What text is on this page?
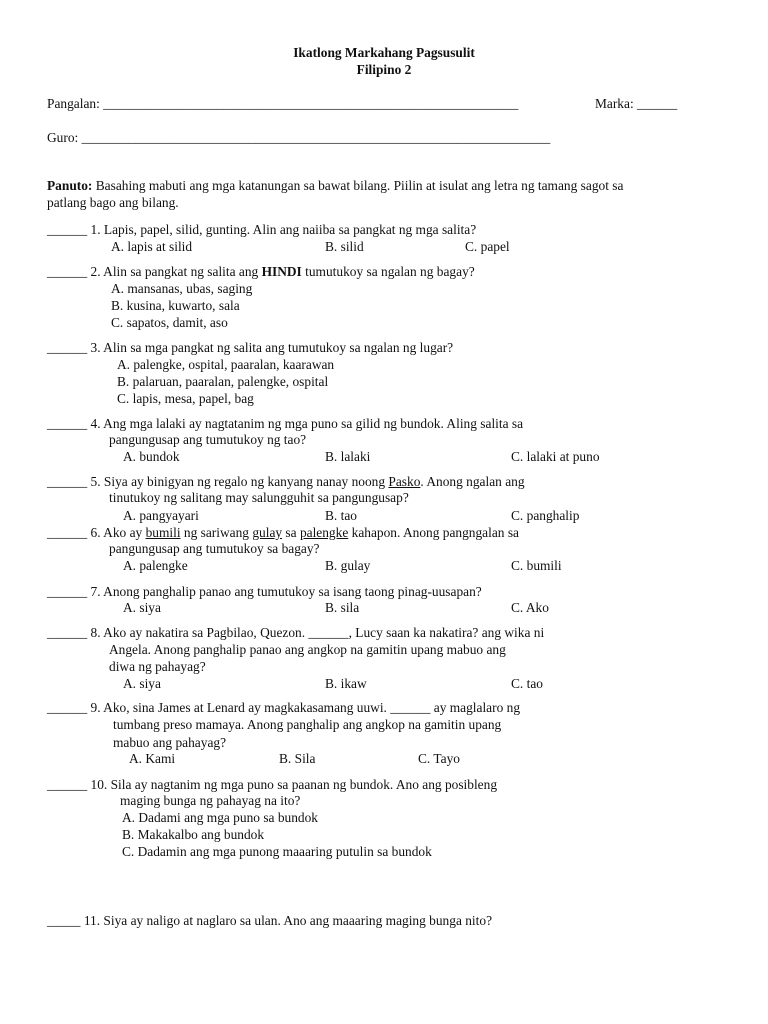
Ikatlong Markahang Pagsusulit
Filipino 2
Pangalan: ______________________________________________________________	Marka: ______
Guro: ______________________________________________________________________
Panuto: Basahing mabuti ang mga katanungan sa bawat bilang. Piilin at isulat ang letra ng tamang sagot sa
patlang bago ang bilang.
______ 1. Lapis, papel, silid, gunting. Alin ang naiiba sa pangkat ng mga salita?
A. lapis at silid	B. silid	C. papel
______ 2. Alin sa pangkat ng salita ang HINDI tumutukoy sa ngalan ng bagay?
A. mansanas, ubas, saging
B. kusina, kuwarto, sala
C. sapatos, damit, aso
______ 3. Alin sa mga pangkat ng salita ang tumutukoy sa ngalan ng lugar?
A. palengke, ospital, paaralan, kaarawan
B. palaruan, paaralan, palengke, ospital
C. lapis, mesa, papel, bag
______ 4. Ang mga lalaki ay nagtatanim ng mga puno sa gilid ng bundok. Aling salita sa
pangungusap ang tumutukoy ng tao?
A. bundok	B. lalaki	C. lalaki at puno
______ 5. Siya ay binigyan ng regalo ng kanyang nanay noong Pasko. Anong ngalan ang
tinutukoy ng salitang may salungguhit sa pangungusap?
A. pangyayari	B. tao	C. panghalip
______ 6. Ako ay bumili ng sariwang gulay sa palengke kahapon. Anong pangngalan sa
pangungusap ang tumutukoy sa bagay?
A. palengke	B. gulay	C. bumili
______ 7. Anong panghalip panao ang tumutukoy sa isang taong pinag-uusapan?
A. siya	B. sila	C. Ako
______ 8. Ako ay nakatira sa Pagbilao, Quezon. ______, Lucy saan ka nakatira? ang wika ni
Angela. Anong panghalip panao ang angkop na gamitin upang mabuo ang
diwa ng pahayag?
A. siya	B. ikaw	C. tao
______ 9. Ako, sina James at Lenard ay magkakasamang uuwi. ______ ay maglalaro ng
tumbang preso mamaya. Anong panghalip ang angkop na gamitin upang
mabuo ang pahayag?
A. Kami	B. Sila	C. Tayo
______ 10. Sila ay nagtanim ng mga puno sa paanan ng bundok. Ano ang posibleng
maging bunga ng pahayag na ito?
A. Dadami ang mga puno sa bundok
B. Makakalbo ang bundok
C. Dadamin ang mga punong maaaring putulin sa bundok
_____ 11. Siya ay naligo at naglaro sa ulan. Ano ang maaaring maging bunga nito?
